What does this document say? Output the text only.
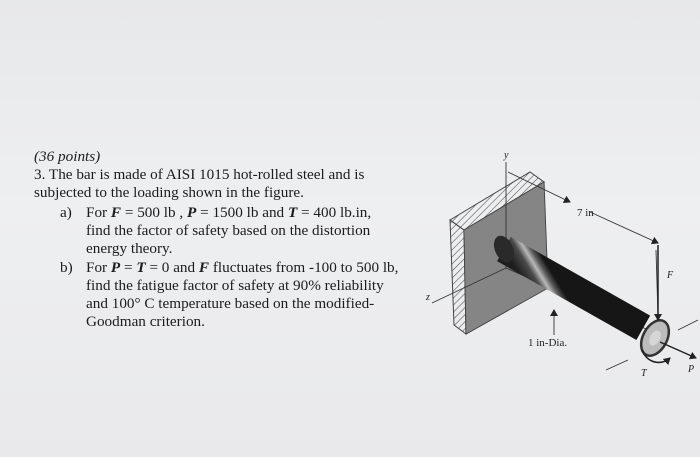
(36 points)
3. The bar is made of AISI 1015 hot-rolled steel and is
subjected to the loading shown in the figure.
a) For F = 500 lb , P = 1500 lb and T = 400 lb.in,
find the factor of safety based on the distortion
energy theory.
b) For P = T = 0 and F fluctuates from -100 to 500 lb,
find the fatigue factor of safety at 90% reliability
and 100° C temperature based on the modified-
Goodman criterion.
y
z
7 in
1 in-Dia.
F
P
T
